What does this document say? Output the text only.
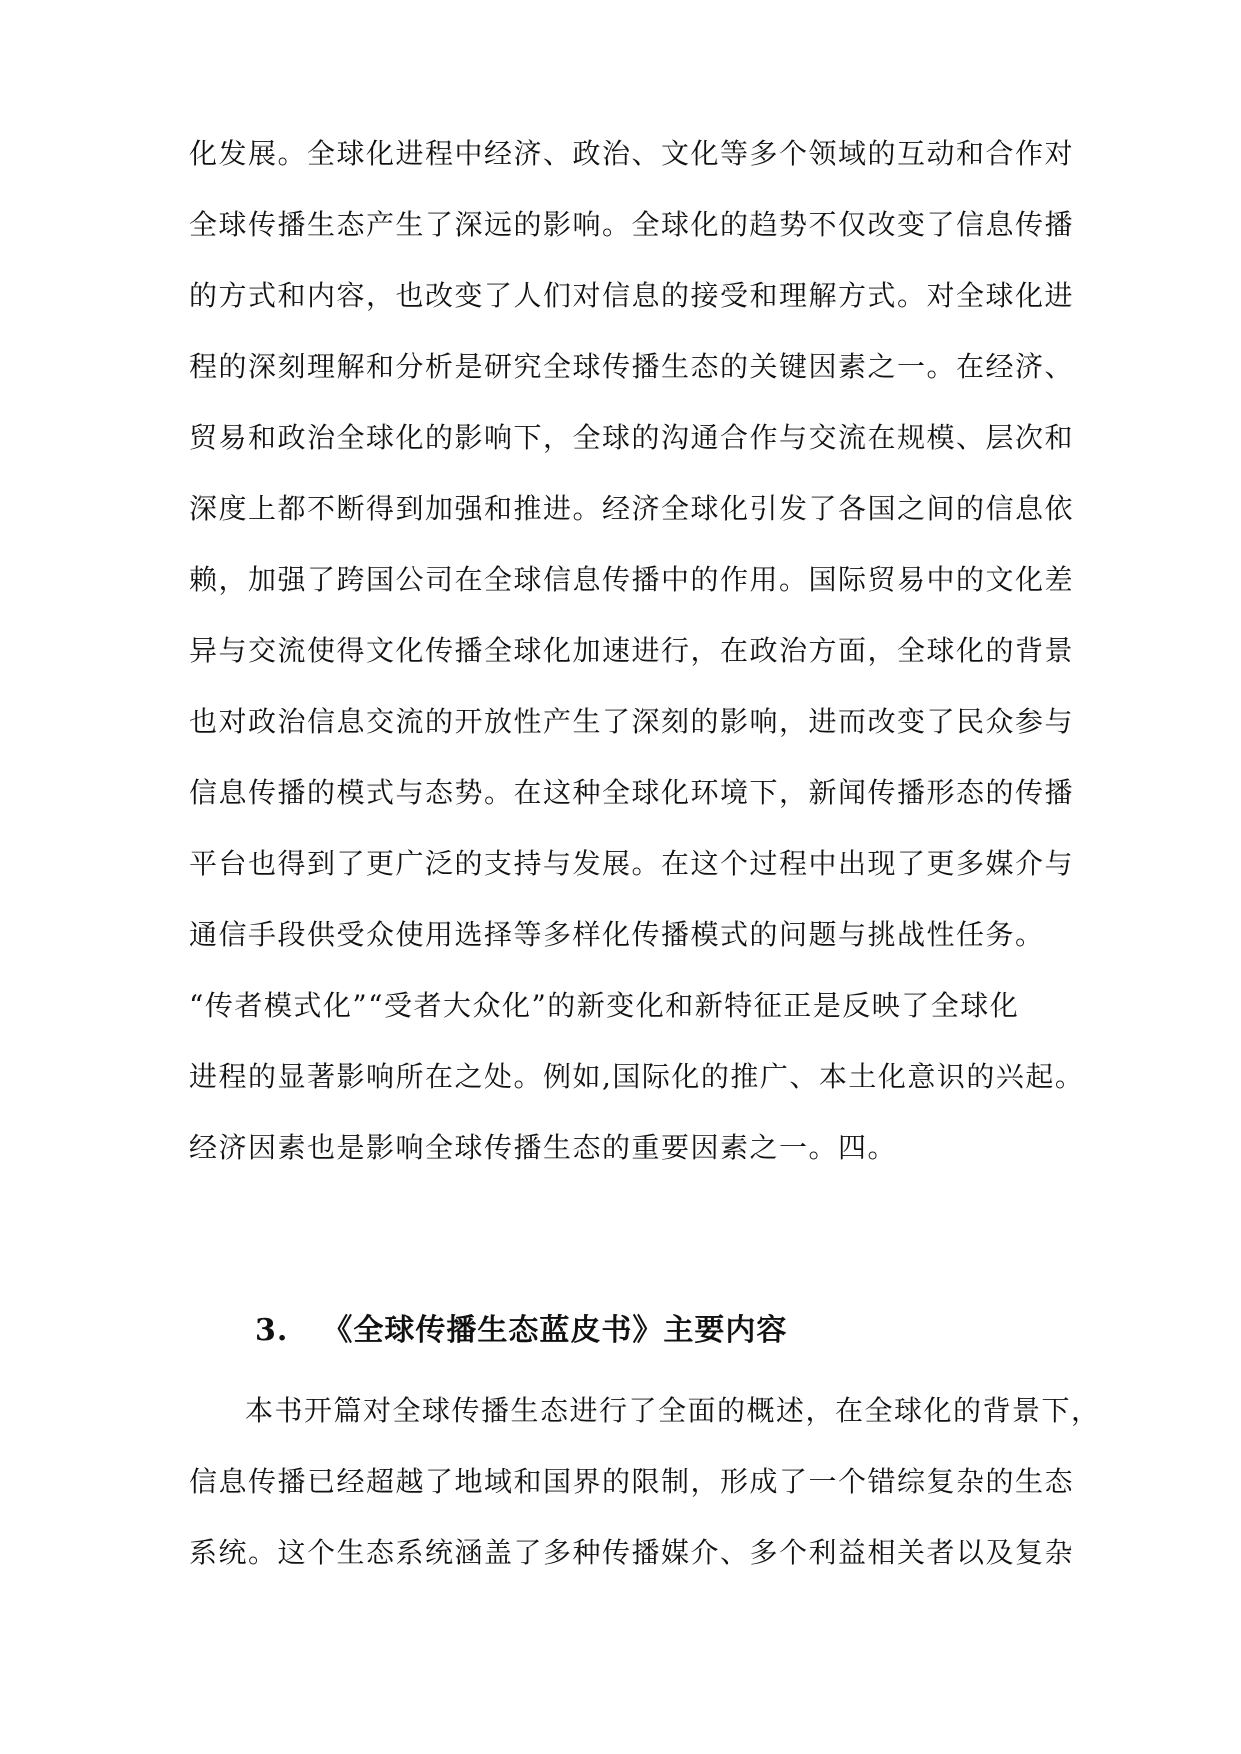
化发展。全球化进程中经济、政治、文化等多个领域的互动和合作对

全球传播生态产生了深远的影响。全球化的趋势不仅改变了信息传播

的方式和内容，也改变了人们对信息的接受和理解方式。对全球化进

程的深刻理解和分析是研究全球传播生态的关键因素之一。在经济、

贸易和政治全球化的影响下，全球的沟通合作与交流在规模、层次和

深度上都不断得到加强和推进。经济全球化引发了各国之间的信息依

赖，加强了跨国公司在全球信息传播中的作用。国际贸易中的文化差

异与交流使得文化传播全球化加速进行，在政治方面，全球化的背景

也对政治信息交流的开放性产生了深刻的影响，进而改变了民众参与

信息传播的模式与态势。在这种全球化环境下，新闻传播形态的传播

平台也得到了更广泛的支持与发展。在这个过程中出现了更多媒介与

通信手段供受众使用选择等多样化传播模式的问题与挑战性任务。

“传者模式化”“受者大众化”的新变化和新特征正是反映了全球化

进程的显著影响所在之处。例如,国际化的推广、本土化意识的兴起。

经济因素也是影响全球传播生态的重要因素之一。四。

3. 《全球传播生态蓝皮书》主要内容

本书开篇对全球传播生态进行了全面的概述，在全球化的背景下，

信息传播已经超越了地域和国界的限制，形成了一个错综复杂的生态

系统。这个生态系统涵盖了多种传播媒介、多个利益相关者以及复杂
